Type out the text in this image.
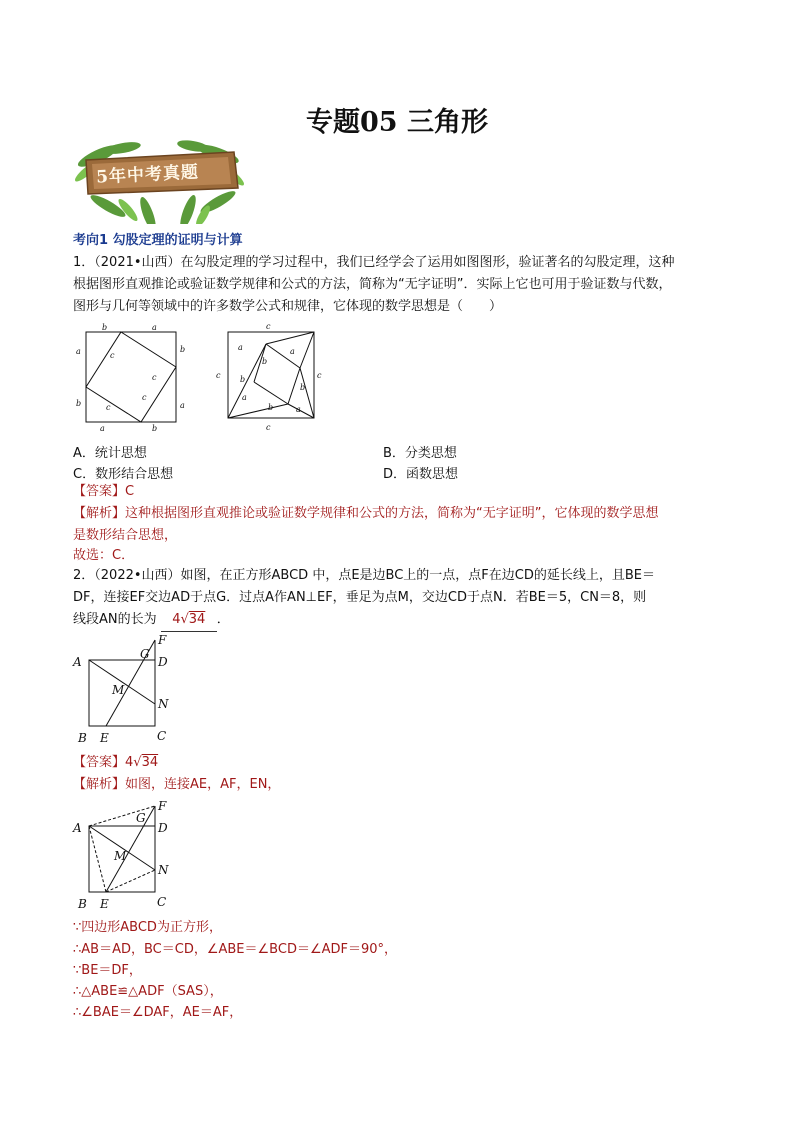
专题05 三角形
5年中考真题
考向1 勾股定理的证明与计算
1．（2021•山西）在勾股定理的学习过程中，我们已经学会了运用如图图形，验证著名的勾股定理，这种
根据图形直观推论或验证数学规律和公式的方法，简称为“无字证明”．实际上它也可用于验证数与代数，
图形与几何等领域中的许多数学公式和规律，它体现的数学思想是（　　）
b	a
a
b
b
a
a	b
c
c
c
c
c
a
b
a
c	c
b
b
a
b	a
c
A．统计思想	B．分类思想
C．数形结合思想	D．函数思想
【答案】C
【解析】这种根据图形直观推论或验证数学规律和公式的方法，简称为“无字证明”，它体现的数学思想
是数形结合思想，
故选：C．
2．（2022•山西）如图，在正方形ABCD 中，点E是边BC上的一点，点F在边CD的延长线上，且BE＝
DF，连接EF交边AD于点G．过点A作AN⊥EF，垂足为点M，交边CD于点N．若BE＝5，CN＝8，则
线段AN的长为 4√34 ．
A
B E	C
D
F
G
M
N
【答案】4√34
【解析】如图，连接AE，AF，EN，
A
B E	C
D
F
G
M
N
∵四边形ABCD为正方形，
∴AB＝AD，BC＝CD，∠ABE＝∠BCD＝∠ADF＝90°，
∵BE＝DF，
∴△ABE≌△ADF（SAS），
∴∠BAE＝∠DAF，AE＝AF，
